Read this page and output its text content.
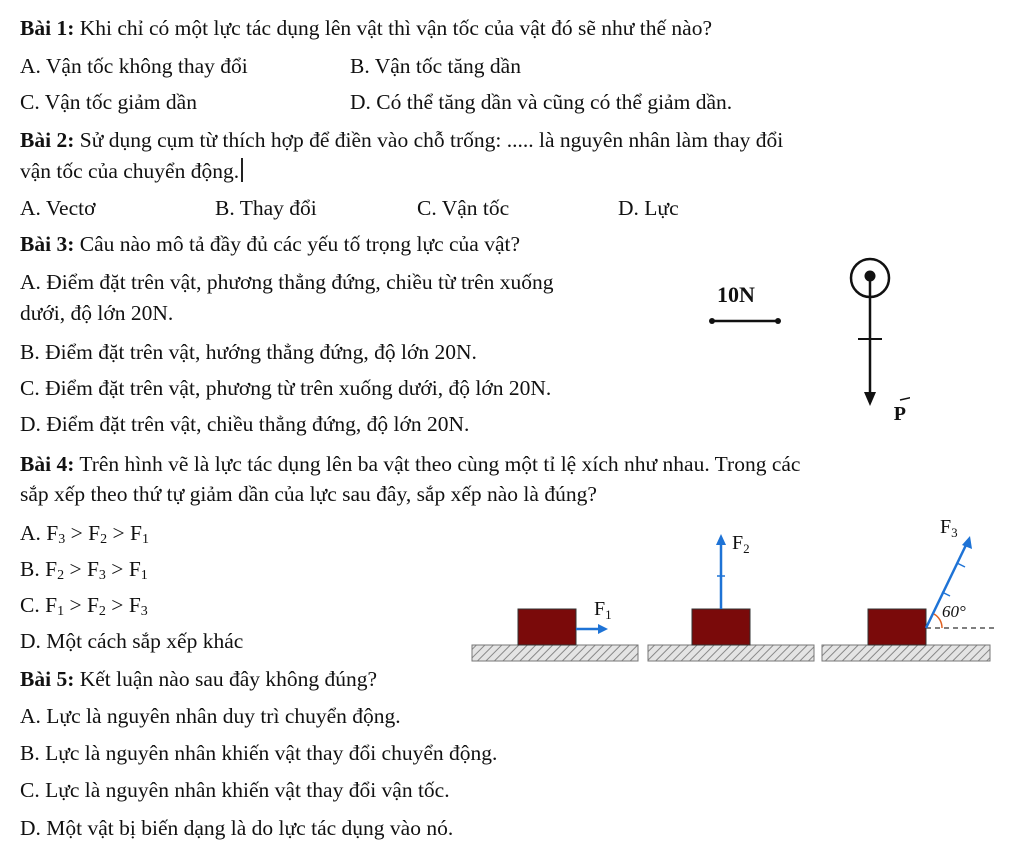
Bài 1: Khi chỉ có một lực tác dụng lên vật thì vận tốc của vật đó sẽ như thế nào?
A. Vận tốc không thay đổi	B. Vận tốc tăng dần
C. Vận tốc giảm dần	D. Có thể tăng dần và cũng có thể giảm dần.
Bài 2: Sử dụng cụm từ thích hợp để điền vào chỗ trống: ..... là nguyên nhân làm thay đổi
vận tốc của chuyển động.
A. Vectơ	B. Thay đổi	C. Vận tốc	D. Lực
Bài 3: Câu nào mô tả đầy đủ các yếu tố trọng lực của vật?
A. Điểm đặt trên vật, phương thẳng đứng, chiều từ trên xuống
dưới, độ lớn 20N.
B. Điểm đặt trên vật, hướng thẳng đứng, độ lớn 20N.
C. Điểm đặt trên vật, phương từ trên xuống dưới, độ lớn 20N.
D. Điểm đặt trên vật, chiều thẳng đứng, độ lớn 20N.
10N
P
Bài 4: Trên hình vẽ là lực tác dụng lên ba vật theo cùng một tỉ lệ xích như nhau. Trong các
sắp xếp theo thứ tự giảm dần của lực sau đây, sắp xếp nào là đúng?
A. $F_3 > F_2 > F_1$
B. $F_2 > F_3 > F_1$
C. $F_1 > F_2 > F_3$
D. Một cách sắp xếp khác
$F_1$
$F_2$
60°
$F_3$
Bài 5: Kết luận nào sau đây không đúng?
A. Lực là nguyên nhân duy trì chuyển động.
B. Lực là nguyên nhân khiến vật thay đổi chuyển động.
C. Lực là nguyên nhân khiến vật thay đổi vận tốc.
D. Một vật bị biến dạng là do lực tác dụng vào nó.
